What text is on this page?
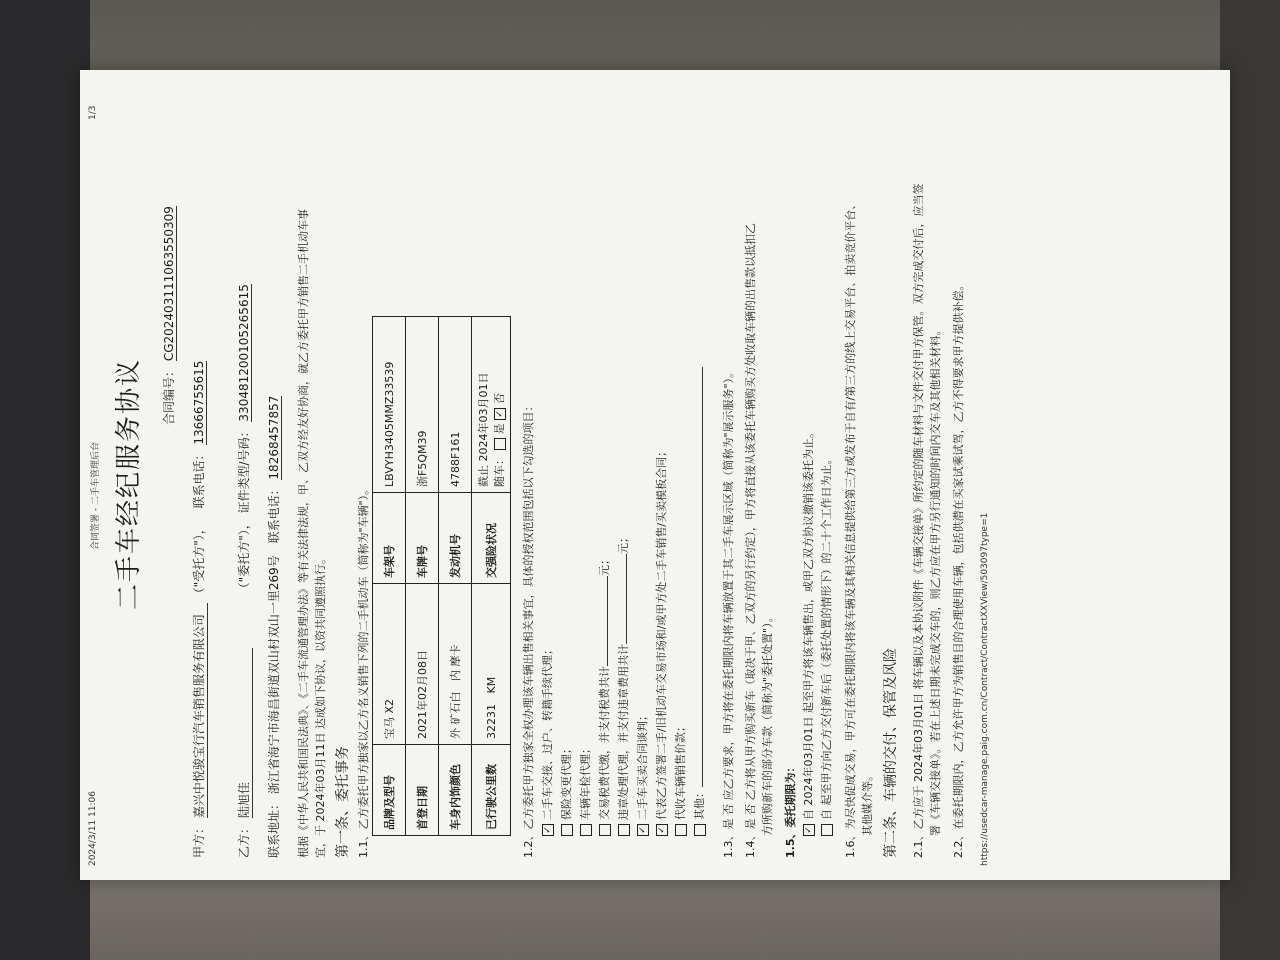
2024/3/11 11:06
合同签署 - 二手车管理后台
1/3
二手车经纪服务协议 合同编号： CG20240311106355030​9
甲方： 嘉兴中悦骏宝行汽车销售服务有限公司 （"受托方"）， 联系电话： 13666755615
乙方： 陆旭佳 （"委托方"）， 证件类型/号码： 330481200105265615
联系地址： 浙江省海宁市海昌街道双山村双山一里269号 联系电话： 18268457857 根据《中华人民共和国民法典》、《二手车流通管理办法》等有关法律法规，甲、乙双方经友好协商，就乙方委托甲方销售二手机动车事 宜，于 2024年03月11日 达成如下协议，以资共同遵照执行。 第一条、委托事务 1.1、乙方委托甲方独家以乙方名义销售下列的二手机动车（简称为"车辆"）。 品牌及型号	宝马 X2	车架号	LBVYH3405MMZ33539
首登日期	2021年02月08日	车牌号	浙F5QM39
车身内饰颜色	外 矿石白   内 摩卡	发动机号	4788F161
已行驶公里数	32231   KM	交强险状况	截止 2024年03月01日 随车： 是 ✓否
1.2、乙方委托甲方独家全权办理该车辆出售相关事宜，具体的授权范围包括以下勾选的项目： ✓二手车交接、过户、转籍手续代理； 保险变更代理； 车辆年检代理； 交易税费代缴，并支付税费共计元；
违章处理代理，并支付违章费用共计元；
✓二手车买卖合同谈判；
✓代表乙方签署二手/旧机动车交易市场和/或甲方处二手车销售/买卖模板合同； 代收车辆销售价款； 其他： 1.3、是 否 应乙方要求，甲方将在委托期限内将车辆放置于其二手车展示区域（简称为"展示服务"）。 1.4、是 否 乙方将从甲方购买新车（取决于甲、乙双方的另行约定），甲方将直接从该委托车辆购买方处收取车辆的出售款以抵扣乙 方所购新车的部分车款（简称为"委托处置"）。 1.5、委托期限为： ✓自 2024年03月01日 起至甲方将该车辆售出，或甲乙双方协议撤销该委托为止。 自 起至甲方向乙方交付新车后（委托处置的情形下）的二十个工作日为止。 1.6、为尽快促成交易，甲方可在委托期限内将该车辆及其相关信息提供给第三方或发布于自有/第三方的线上交易平台、拍卖竞价平台、 其他媒介等。 第二条、车辆的交付、保管及风险 2.1、乙方应于 2024年03月01日 将车辆以及本协议附件《车辆交接单》所约定的随车材料与文件交付甲方保管。双方完成交付后，应当签 署《车辆交接单》。若在上述日期未完成交车的，则乙方应在甲方另行通知的时间内交车及其他相关材料。 2.2、在委托期限内，乙方允许甲方为销售目的合理使用车辆，包括供潜在买家试乘试驾，乙方不得要求甲方提供补偿。 https://usedcar-manage.paig.com.cn/Contract/ContractXXView/503097type=1
